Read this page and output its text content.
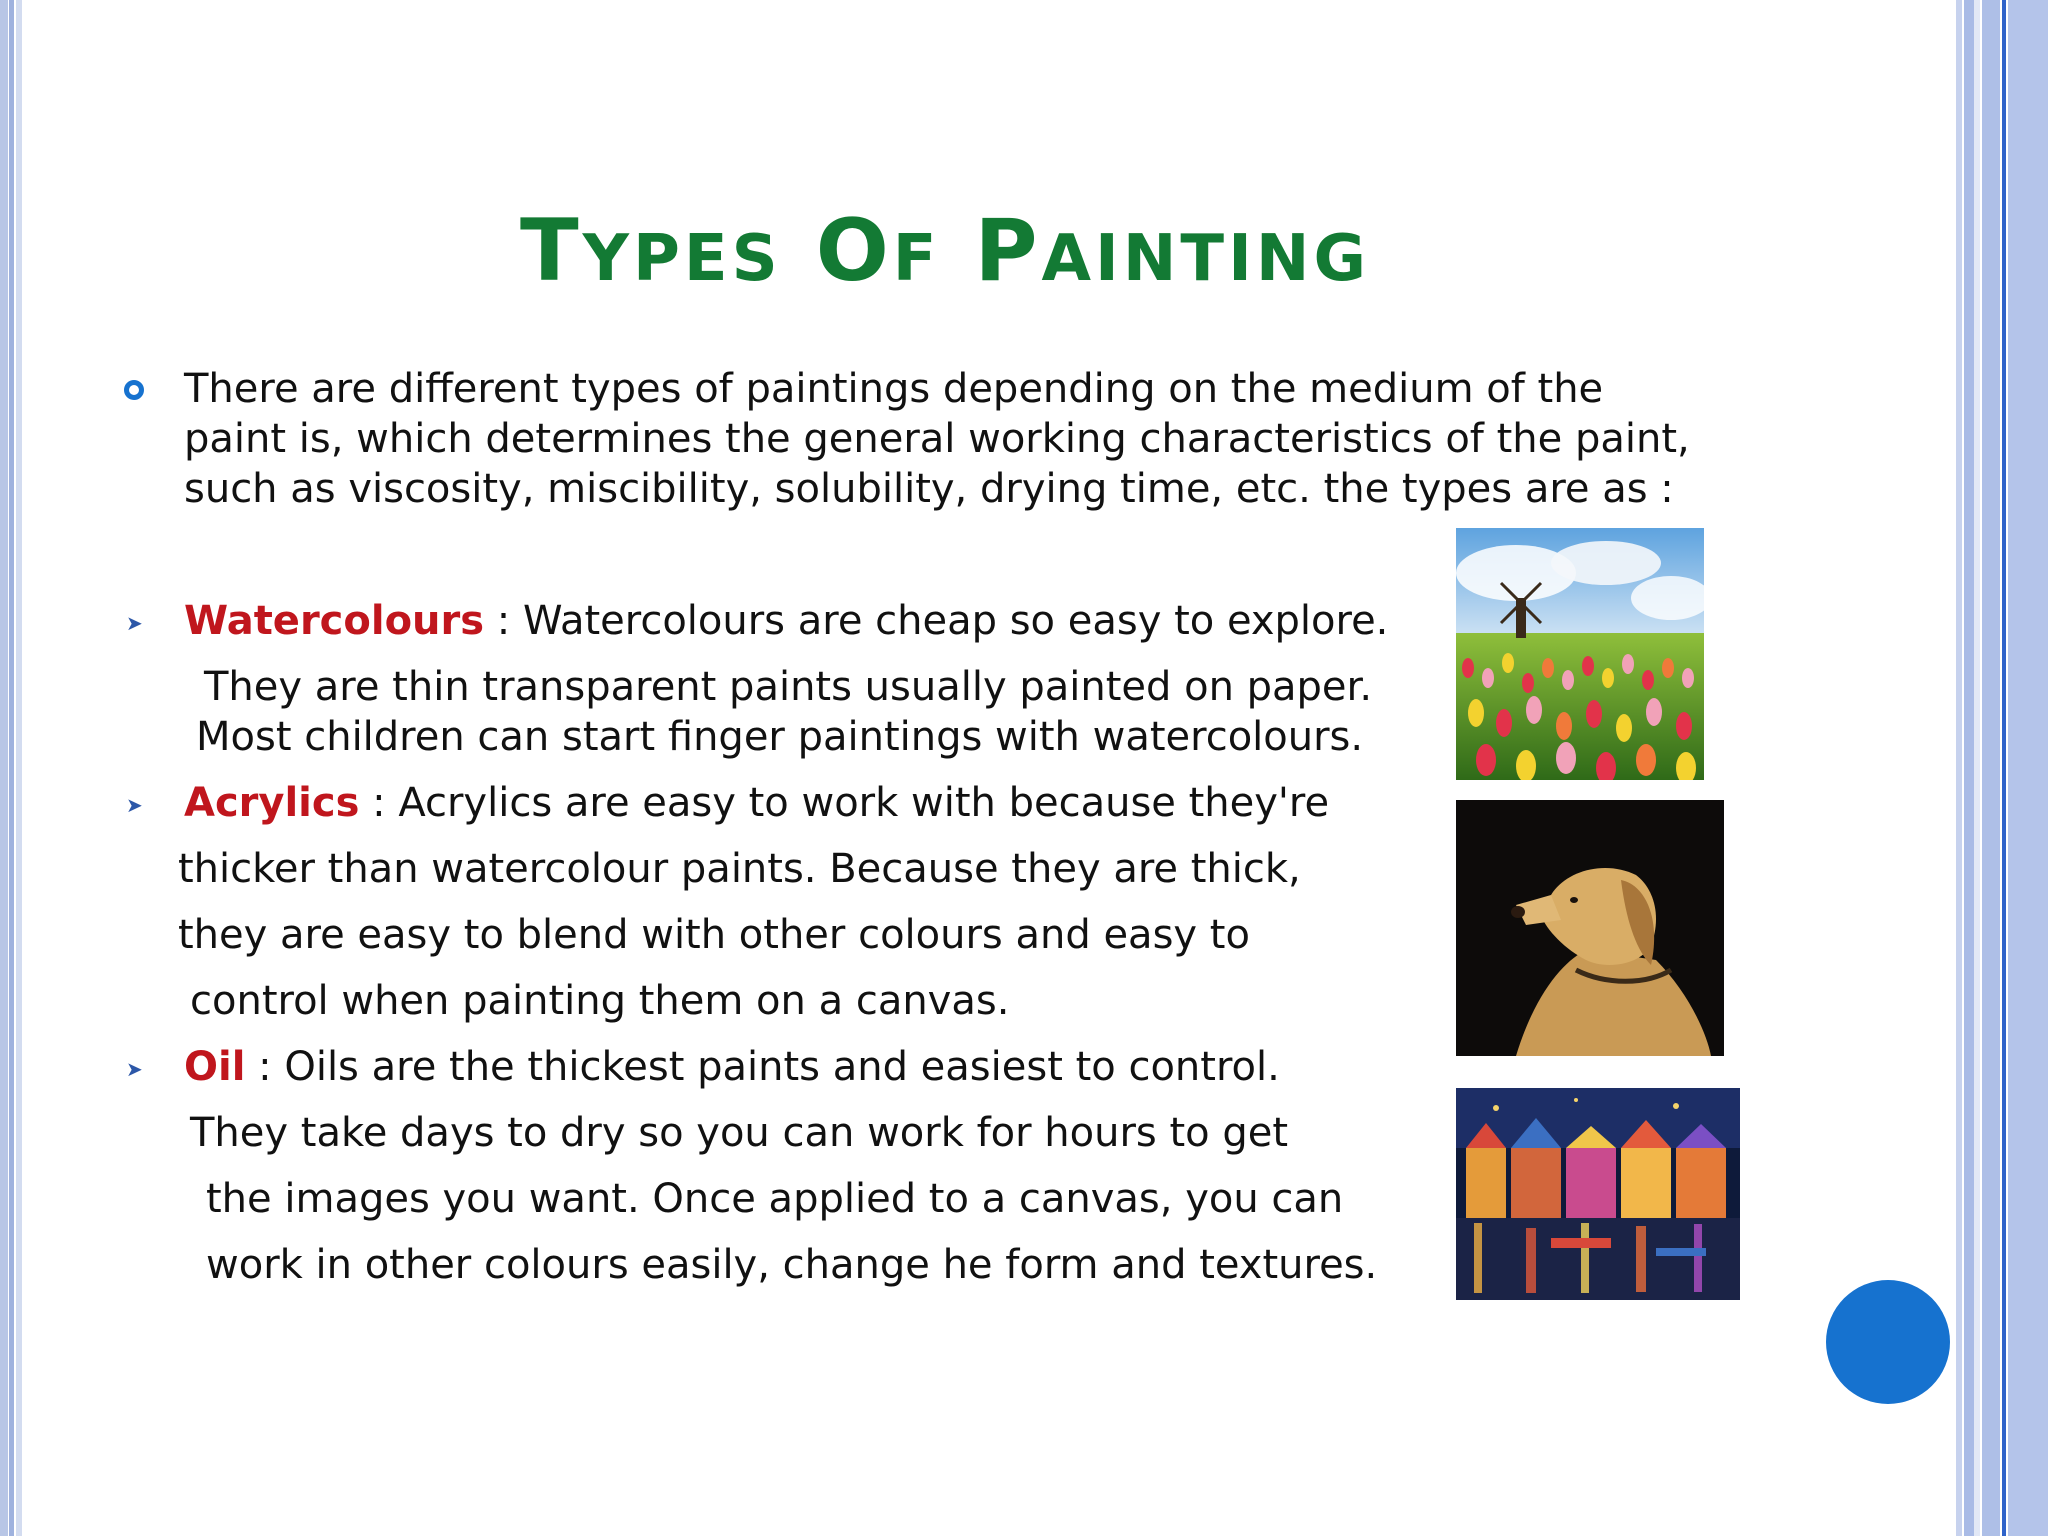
TYPES OF PAINTING

There are different types of paintings depending on the medium of the
paint is, which determines the general working characteristics of the paint,
such as viscosity, miscibility, solubility, drying time, etc. the types are as :

➤ Watercolours : Watercolours are cheap so easy to explore.

They are thin transparent paints usually painted on paper.

Most children can start finger paintings with watercolours.

➤ Acrylics : Acrylics are easy to work with because they're

thicker than watercolour paints. Because they are thick,

they are easy to blend with other colours and easy to

control when painting them on a canvas.

➤ Oil : Oils are the thickest paints and easiest to control.

They take days to dry so you can work for hours to get

the images you want. Once applied to a canvas, you can

work in other colours easily, change he form and textures.
